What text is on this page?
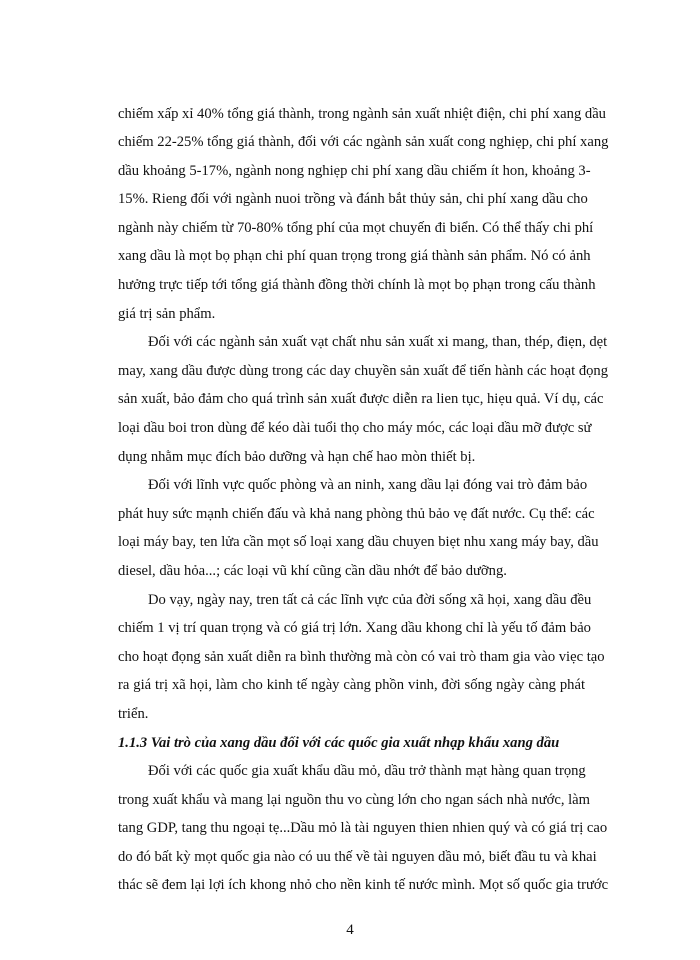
chiếm xấp xỉ 40% tổng giá thành, trong ngành sản xuất nhiệt điện, chi phí xang dầu
chiếm 22-25% tổng giá thành, đối với các ngành sản xuất cong nghiẹp, chi phí xang
dầu khoảng 5-17%, ngành nong nghiẹp chi phí xang dầu chiếm ít hon, khoảng 3-
15%. Rieng đối với ngành nuoi trồng và đánh bắt thủy sản, chi phí xang dầu cho
ngành này chiếm từ 70-80% tổng phí của mọt chuyến đi biển. Có thể thấy chi phí
xang dầu là mọt bọ phạn chi phí quan trọng trong giá thành sản phẩm. Nó có ảnh
hưởng trực tiếp tới tổng giá thành đồng thời chính là mọt bọ phạn trong cấu thành
giá trị sản phẩm.
Đối với các ngành sản xuất vạt chất nhu sản xuất xi mang, than, thép, điẹn, dẹt
may, xang dầu được dùng trong các day chuyền sản xuất để tiến hành các hoạt đọng
sản xuất, bảo đảm cho quá trình sản xuất được diễn ra lien tục, hiẹu quả. Ví dụ, các
loại dầu boi tron dùng để kéo dài tuổi thọ cho máy móc, các loại dầu mỡ được sử
dụng nhằm mục đích bảo dưỡng và hạn chế hao mòn thiết bị.
Đối với lĩnh vực quốc phòng và an ninh, xang dầu lại đóng vai trò đảm bảo
phát huy sức mạnh chiến đấu và khả nang phòng thủ bảo vẹ đất nước. Cụ thể: các
loại máy bay, ten lửa cần mọt số loại xang dầu chuyen biẹt nhu xang máy bay, dầu
diesel, dầu hỏa...; các loại vũ khí cũng cần dầu nhớt để bảo dưỡng.
Do vạy, ngày nay, tren tất cả các lĩnh vực của đời sống xã họi, xang dầu đều
chiếm 1 vị trí quan trọng và có giá trị lớn. Xang dầu khong chỉ là yếu tố đảm bảo
cho hoạt đọng sản xuất diễn ra bình thường mà còn có vai trò tham gia vào viẹc tạo
ra giá trị xã họi, làm cho kinh tế ngày càng phồn vinh, đời sống ngày càng phát
triển.
1.1.3 Vai trò của xang dầu đối với các quốc gia xuất nhạp khẩu xang dầu
Đối với các quốc gia xuất khẩu dầu mỏ, dầu trở thành mạt hàng quan trọng
trong xuất khẩu và mang lại nguồn thu vo cùng lớn cho ngan sách nhà nước, làm
tang GDP, tang thu ngoại tẹ...Dầu mỏ là tài nguyen thien nhien quý và có giá trị cao
do đó bất kỳ mọt quốc gia nào có uu thế về tài nguyen dầu mỏ, biết đầu tu và khai
thác sẽ đem lại lợi ích khong nhỏ cho nền kinh tế nước mình. Mọt số quốc gia trước
4
